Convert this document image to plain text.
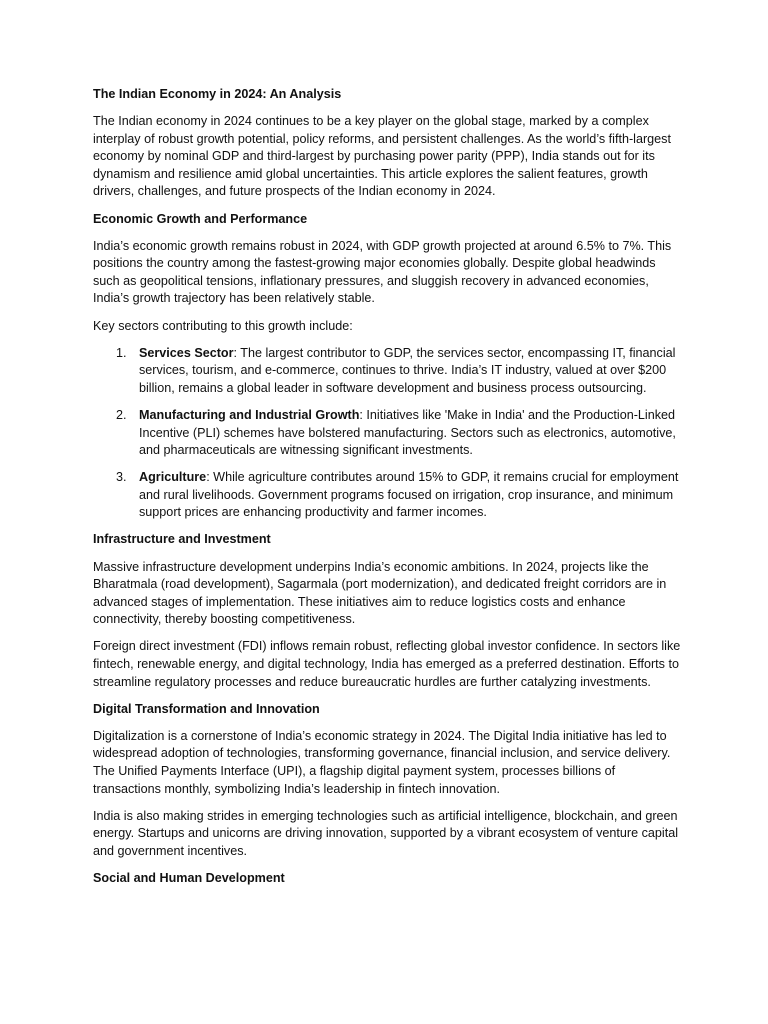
The Indian Economy in 2024: An Analysis

The Indian economy in 2024 continues to be a key player on the global stage, marked by a complex interplay of robust growth potential, policy reforms, and persistent challenges. As the world’s fifth-largest economy by nominal GDP and third-largest by purchasing power parity (PPP), India stands out for its dynamism and resilience amid global uncertainties. This article explores the salient features, growth drivers, challenges, and future prospects of the Indian economy in 2024.

Economic Growth and Performance

India’s economic growth remains robust in 2024, with GDP growth projected at around 6.5% to 7%. This positions the country among the fastest-growing major economies globally. Despite global headwinds such as geopolitical tensions, inflationary pressures, and sluggish recovery in advanced economies, India’s growth trajectory has been relatively stable.

Key sectors contributing to this growth include:

1. Services Sector: The largest contributor to GDP, the services sector, encompassing IT, financial services, tourism, and e-commerce, continues to thrive. India’s IT industry, valued at over $200 billion, remains a global leader in software development and business process outsourcing.
2. Manufacturing and Industrial Growth: Initiatives like 'Make in India' and the Production-Linked Incentive (PLI) schemes have bolstered manufacturing. Sectors such as electronics, automotive, and pharmaceuticals are witnessing significant investments.
3. Agriculture: While agriculture contributes around 15% to GDP, it remains crucial for employment and rural livelihoods. Government programs focused on irrigation, crop insurance, and minimum support prices are enhancing productivity and farmer incomes.

Infrastructure and Investment

Massive infrastructure development underpins India’s economic ambitions. In 2024, projects like the Bharatmala (road development), Sagarmala (port modernization), and dedicated freight corridors are in advanced stages of implementation. These initiatives aim to reduce logistics costs and enhance connectivity, thereby boosting competitiveness.

Foreign direct investment (FDI) inflows remain robust, reflecting global investor confidence. In sectors like fintech, renewable energy, and digital technology, India has emerged as a preferred destination. Efforts to streamline regulatory processes and reduce bureaucratic hurdles are further catalyzing investments.

Digital Transformation and Innovation

Digitalization is a cornerstone of India’s economic strategy in 2024. The Digital India initiative has led to widespread adoption of technologies, transforming governance, financial inclusion, and service delivery. The Unified Payments Interface (UPI), a flagship digital payment system, processes billions of transactions monthly, symbolizing India’s leadership in fintech innovation.

India is also making strides in emerging technologies such as artificial intelligence, blockchain, and green energy. Startups and unicorns are driving innovation, supported by a vibrant ecosystem of venture capital and government incentives.

Social and Human Development
